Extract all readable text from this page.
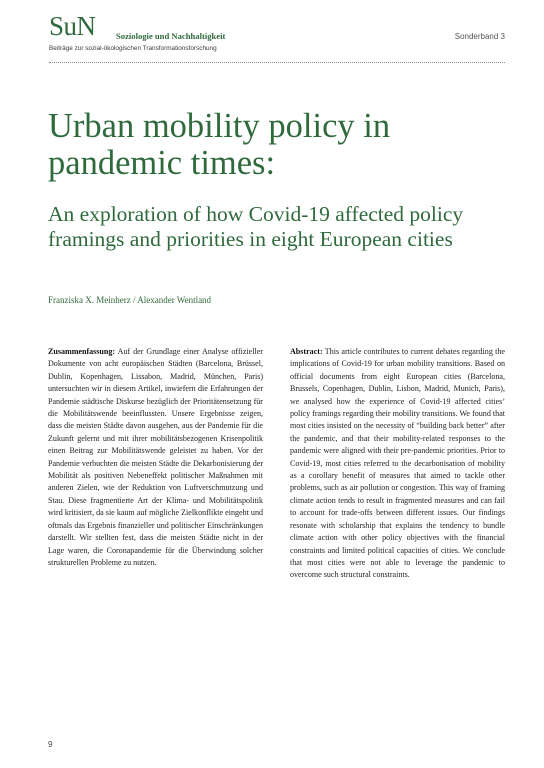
SuN Soziologie und Nachhaltigkeit
Beiträge zur sozial-ökologischen Transformationsforschung
Sonderband 3
Urban mobility policy in pandemic times:
An exploration of how Covid-19 affected policy framings and priorities in eight European cities
Franziska X. Meinherz / Alexander Wentland
Zusammenfassung: Auf der Grundlage einer Analyse offizieller Dokumente von acht europäischen Städten (Barcelona, Brüssel, Dublin, Kopenhagen, Lissabon, Madrid, München, Paris) untersuchten wir in diesem Artikel, inwiefern die Erfahrungen der Pandemie städtische Diskurse bezüglich der Prioritätensetzung für die Mobilitätswende beeinflussten. Unsere Ergebnisse zeigen, dass die meisten Städte davon ausgehen, aus der Pandemie für die Zukunft gelernt und mit ihrer mobilitätsbezogenen Krisenpolitik einen Beitrag zur Mobilitätswende geleistet zu haben. Vor der Pandemie verbuchten die meisten Städte die Dekarbonisierung der Mobilität als positiven Nebeneffekt politischer Maßnahmen mit anderen Zielen, wie der Reduktion von Luftverschmutzung und Stau. Diese fragmentierte Art der Klima- und Mobilitätspolitik wird kritisiert, da sie kaum auf mögliche Zielkonflikte eingeht und oftmals das Ergebnis finanzieller und politischer Einschränkungen darstellt. Wir stellten fest, dass die meisten Städte nicht in der Lage waren, die Coronapandemie für die Überwindung solcher strukturellen Probleme zu nutzen.
Abstract: This article contributes to current debates regarding the implications of Covid-19 for urban mobility transitions. Based on official documents from eight European cities (Barcelona, Brussels, Copenhagen, Dublin, Lisbon, Madrid, Munich, Paris), we analysed how the experience of Covid-19 affected cities’ policy framings regarding their mobility transitions. We found that most cities insisted on the necessity of “building back better” after the pandemic, and that their mobility-related responses to the pandemic were aligned with their pre-pandemic priorities. Prior to Covid-19, most cities referred to the decarbonisation of mobility as a corollary benefit of measures that aimed to tackle other problems, such as air pollution or congestion. This way of framing climate action tends to result in fragmented measures and can fail to account for trade-offs between different issues. Our findings resonate with scholarship that explains the tendency to bundle climate action with other policy objectives with the financial constraints and limited political capacities of cities. We conclude that most cities were not able to leverage the pandemic to overcome such structural constraints.
9
